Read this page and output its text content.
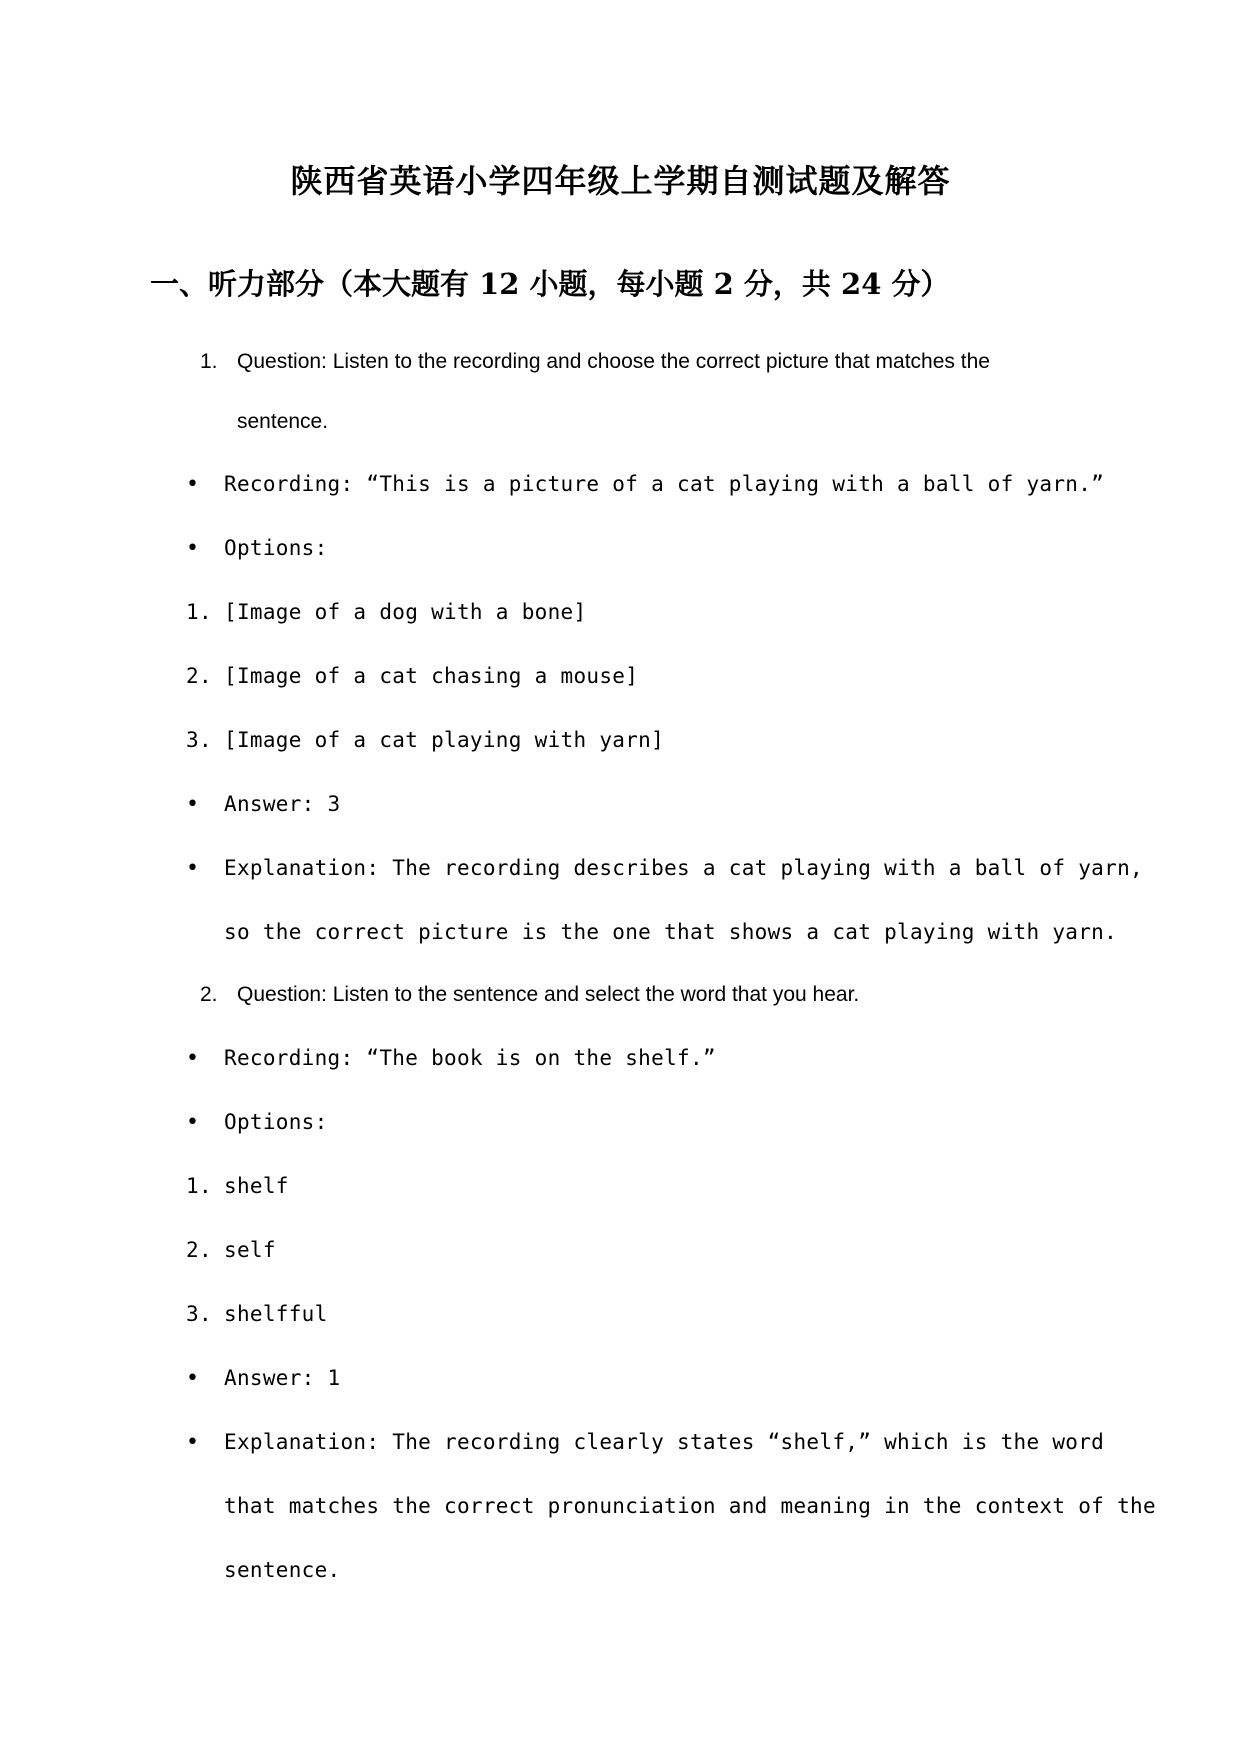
陕西省英语小学四年级上学期自测试题及解答
一、听力部分（本大题有 12 小题，每小题 2 分，共 24 分）
1. Question: Listen to the recording and choose the correct picture that matches the
sentence.
•
Recording: “This is a picture of a cat playing with a ball of yarn.”
•
Options:
1. [Image of a dog with a bone]
2. [Image of a cat chasing a mouse]
3. [Image of a cat playing with yarn]
•
Answer: 3
•
Explanation: The recording describes a cat playing with a ball of yarn,
so the correct picture is the one that shows a cat playing with yarn.
2. Question: Listen to the sentence and select the word that you hear.
•
Recording: “The book is on the shelf.”
•
Options:
1. shelf
2. self
3. shelfful
•
Answer: 1
•
Explanation: The recording clearly states “shelf,” which is the word
that matches the correct pronunciation and meaning in the context of the
sentence.
